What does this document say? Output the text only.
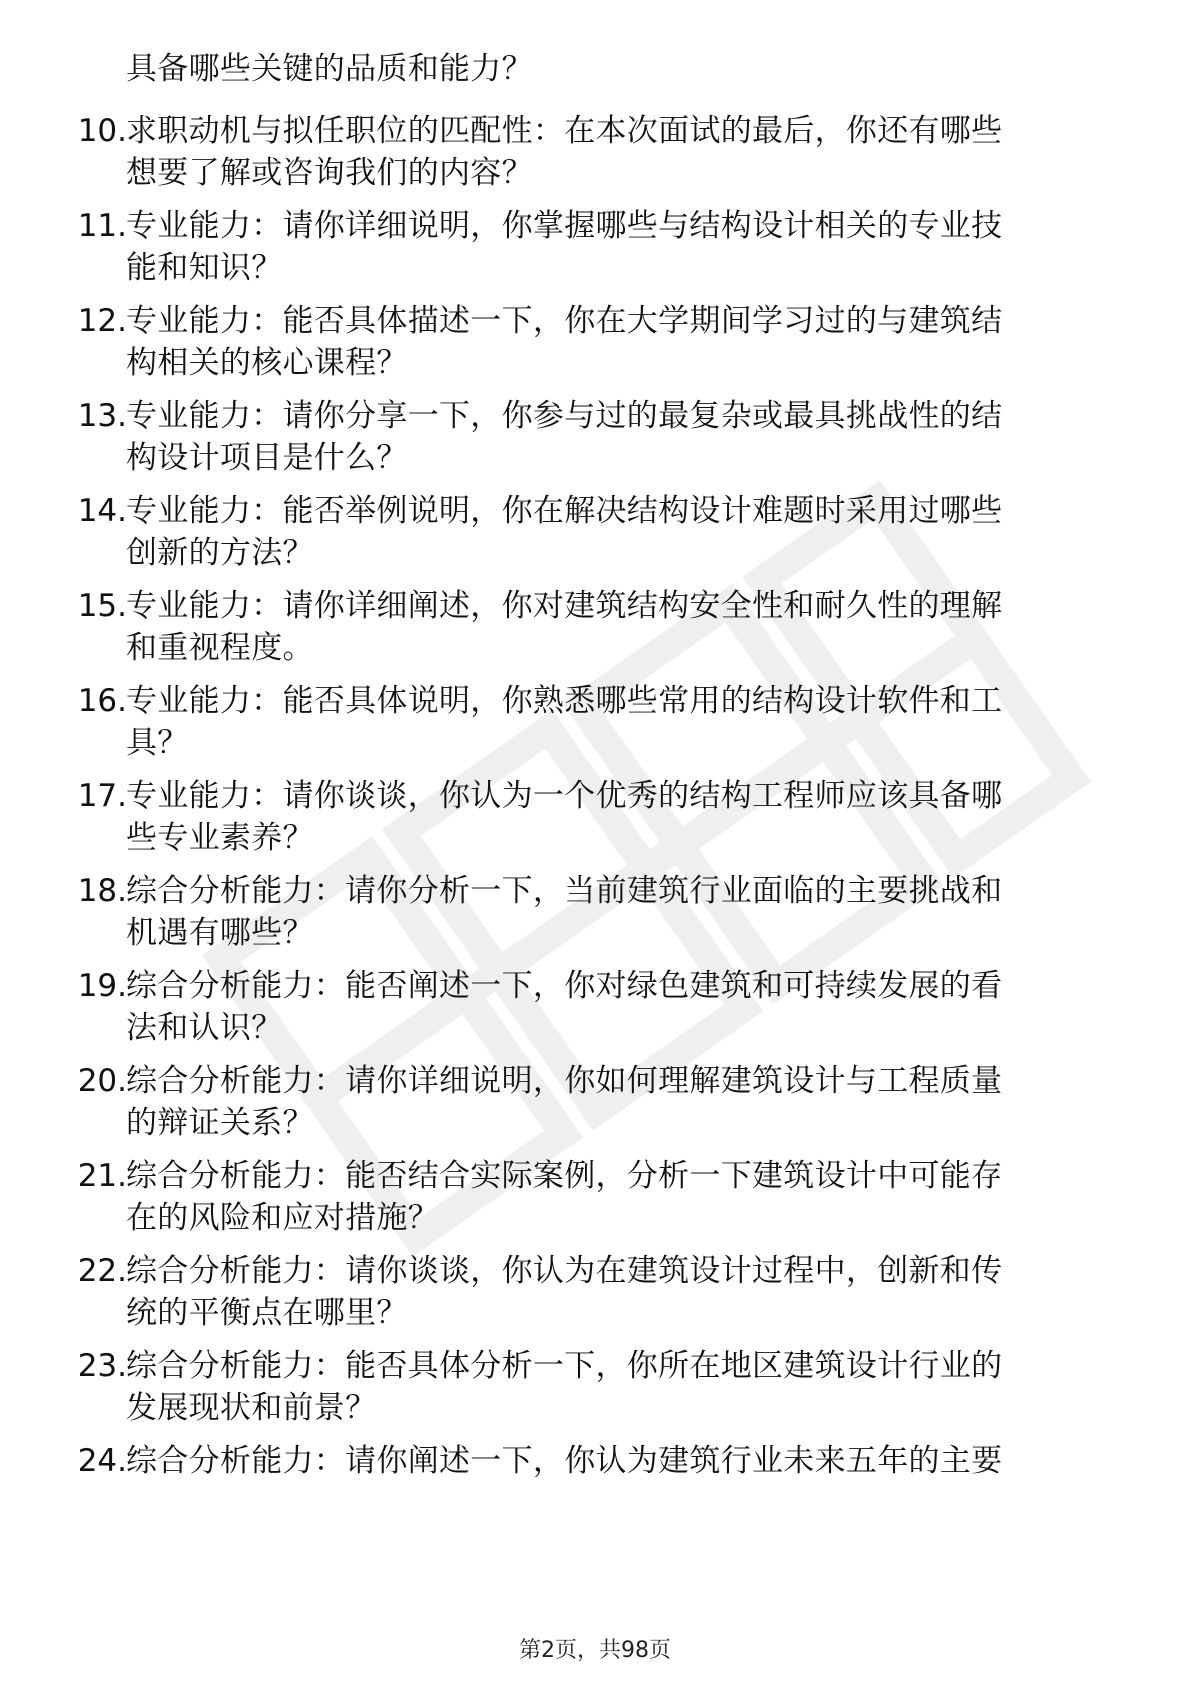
具备哪些关键的品质和能力？
10. 求职动机与拟任职位的匹配性：在本次面试的最后，你还有哪些
想要了解或咨询我们的内容？
11. 专业能力：请你详细说明，你掌握哪些与结构设计相关的专业技
能和知识？
12. 专业能力：能否具体描述一下，你在大学期间学习过的与建筑结
构相关的核心课程？
13. 专业能力：请你分享一下，你参与过的最复杂或最具挑战性的结
构设计项目是什么？
14. 专业能力：能否举例说明，你在解决结构设计难题时采用过哪些
创新的方法？
15. 专业能力：请你详细阐述，你对建筑结构安全性和耐久性的理解
和重视程度。
16. 专业能力：能否具体说明，你熟悉哪些常用的结构设计软件和工
具？
17. 专业能力：请你谈谈，你认为一个优秀的结构工程师应该具备哪
些专业素养？
18. 综合分析能力：请你分析一下，当前建筑行业面临的主要挑战和
机遇有哪些？
19. 综合分析能力：能否阐述一下，你对绿色建筑和可持续发展的看
法和认识？
20. 综合分析能力：请你详细说明，你如何理解建筑设计与工程质量
的辩证关系？
21. 综合分析能力：能否结合实际案例，分析一下建筑设计中可能存
在的风险和应对措施？
22. 综合分析能力：请你谈谈，你认为在建筑设计过程中，创新和传
统的平衡点在哪里？
23. 综合分析能力：能否具体分析一下，你所在地区建筑设计行业的
发展现状和前景？
24. 综合分析能力：请你阐述一下，你认为建筑行业未来五年的主要
第2页，共98页
